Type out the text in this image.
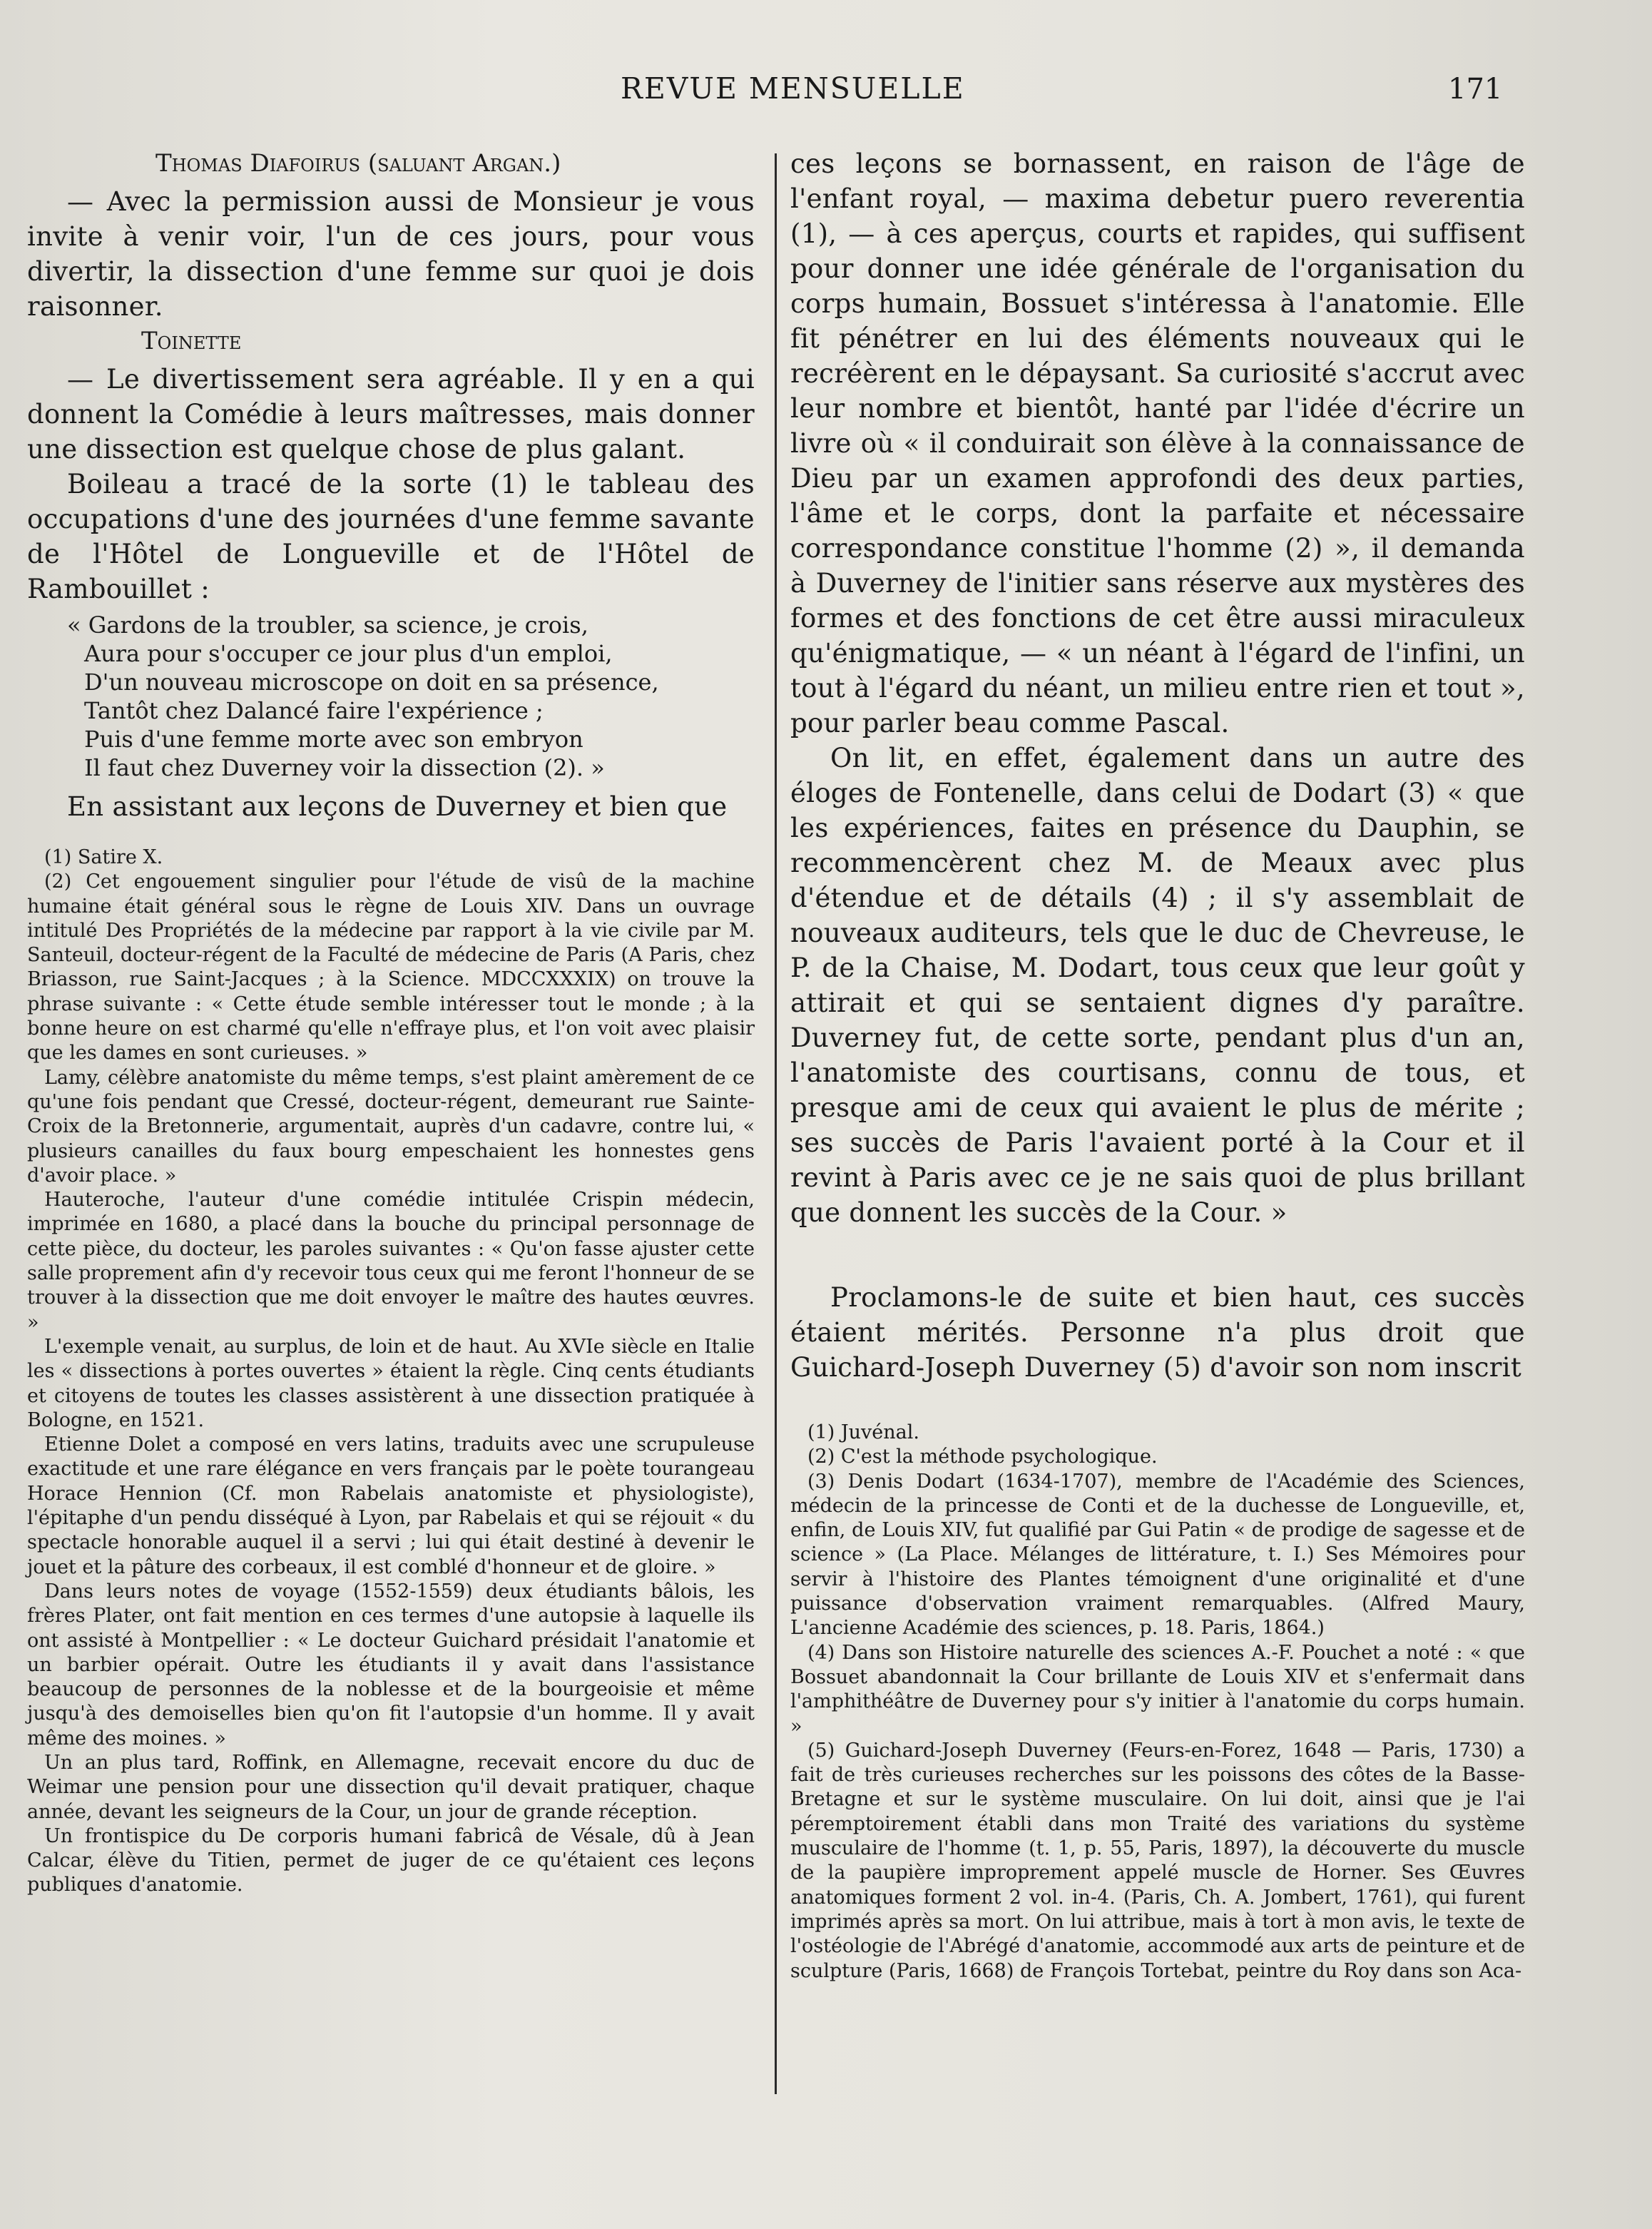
REVUE MENSUELLE	171

Thomas Diafoirus (saluant Argan.)

— Avec la permission aussi de Monsieur je vous invite à venir voir, l'un de ces jours, pour vous divertir, la dissection d'une femme sur quoi je dois raisonner.

Toinette

— Le divertissement sera agréable. Il y en a qui donnent la Comédie à leurs maîtresses, mais donner une dissection est quelque chose de plus galant.

Boileau a tracé de la sorte (1) le tableau des occupations d'une des journées d'une femme savante de l'Hôtel de Longueville et de l'Hôtel de Rambouillet :

« Gardons de la troubler, sa science, je crois,
Aura pour s'occuper ce jour plus d'un emploi,
D'un nouveau microscope on doit en sa présence,
Tantôt chez Dalancé faire l'expérience ;
Puis d'une femme morte avec son embryon
Il faut chez Duverney voir la dissection (2). »

En assistant aux leçons de Duverney et bien que

(1) Satire X.

(2) Cet engouement singulier pour l'étude de visû de la machine humaine était général sous le règne de Louis XIV. Dans un ouvrage intitulé Des Propriétés de la médecine par rapport à la vie civile par M. Santeuil, docteur-régent de la Faculté de médecine de Paris (A Paris, chez Briasson, rue Saint-Jacques ; à la Science. MDCCXXXIX) on trouve la phrase suivante : « Cette étude semble intéresser tout le monde ; à la bonne heure on est charmé qu'elle n'effraye plus, et l'on voit avec plaisir que les dames en sont curieuses. »

Lamy, célèbre anatomiste du même temps, s'est plaint amèrement de ce qu'une fois pendant que Cressé, docteur-régent, demeurant rue Sainte-Croix de la Bretonnerie, argumentait, auprès d'un cadavre, contre lui, « plusieurs canailles du faux bourg empeschaient les honnestes gens d'avoir place. »

Hauteroche, l'auteur d'une comédie intitulée Crispin médecin, imprimée en 1680, a placé dans la bouche du principal personnage de cette pièce, du docteur, les paroles suivantes : « Qu'on fasse ajuster cette salle proprement afin d'y recevoir tous ceux qui me feront l'honneur de se trouver à la dissection que me doit envoyer le maître des hautes œuvres. »

L'exemple venait, au surplus, de loin et de haut. Au XVIe siècle en Italie les « dissections à portes ouvertes » étaient la règle. Cinq cents étudiants et citoyens de toutes les classes assistèrent à une dissection pratiquée à Bologne, en 1521.

Etienne Dolet a composé en vers latins, traduits avec une scrupuleuse exactitude et une rare élégance en vers français par le poète tourangeau Horace Hennion (Cf. mon Rabelais anatomiste et physiologiste), l'épitaphe d'un pendu disséqué à Lyon, par Rabelais et qui se réjouit « du spectacle honorable auquel il a servi ; lui qui était destiné à devenir le jouet et la pâture des corbeaux, il est comblé d'honneur et de gloire. »

Dans leurs notes de voyage (1552-1559) deux étudiants bâlois, les frères Plater, ont fait mention en ces termes d'une autopsie à laquelle ils ont assisté à Montpellier : « Le docteur Guichard présidait l'anatomie et un barbier opérait. Outre les étudiants il y avait dans l'assistance beaucoup de personnes de la noblesse et de la bourgeoisie et même jusqu'à des demoiselles bien qu'on fit l'autopsie d'un homme. Il y avait même des moines. »

Un an plus tard, Roffink, en Allemagne, recevait encore du duc de Weimar une pension pour une dissection qu'il devait pratiquer, chaque année, devant les seigneurs de la Cour, un jour de grande réception.

Un frontispice du De corporis humani fabricâ de Vésale, dû à Jean Calcar, élève du Titien, permet de juger de ce qu'étaient ces leçons publiques d'anatomie.

ces leçons se bornassent, en raison de l'âge de l'enfant royal, — maxima debetur puero reverentia (1), — à ces aperçus, courts et rapides, qui suffisent pour donner une idée générale de l'organisation du corps humain, Bossuet s'intéressa à l'anatomie. Elle fit pénétrer en lui des éléments nouveaux qui le recréèrent en le dépaysant. Sa curiosité s'accrut avec leur nombre et bientôt, hanté par l'idée d'écrire un livre où « il conduirait son élève à la connaissance de Dieu par un examen approfondi des deux parties, l'âme et le corps, dont la parfaite et nécessaire correspondance constitue l'homme (2) », il demanda à Duverney de l'initier sans réserve aux mystères des formes et des fonctions de cet être aussi miraculeux qu'énigmatique, — « un néant à l'égard de l'infini, un tout à l'égard du néant, un milieu entre rien et tout », pour parler beau comme Pascal.

On lit, en effet, également dans un autre des éloges de Fontenelle, dans celui de Dodart (3) « que les expériences, faites en présence du Dauphin, se recommencèrent chez M. de Meaux avec plus d'étendue et de détails (4) ; il s'y assemblait de nouveaux auditeurs, tels que le duc de Chevreuse, le P. de la Chaise, M. Dodart, tous ceux que leur goût y attirait et qui se sentaient dignes d'y paraître. Duverney fut, de cette sorte, pendant plus d'un an, l'anatomiste des courtisans, connu de tous, et presque ami de ceux qui avaient le plus de mérite ; ses succès de Paris l'avaient porté à la Cour et il revint à Paris avec ce je ne sais quoi de plus brillant que donnent les succès de la Cour. »

Proclamons-le de suite et bien haut, ces succès étaient mérités. Personne n'a plus droit que Guichard-Joseph Duverney (5) d'avoir son nom inscrit

(1) Juvénal.

(2) C'est la méthode psychologique.

(3) Denis Dodart (1634-1707), membre de l'Académie des Sciences, médecin de la princesse de Conti et de la duchesse de Longueville, et, enfin, de Louis XIV, fut qualifié par Gui Patin « de prodige de sagesse et de science » (La Place. Mélanges de littérature, t. I.) Ses Mémoires pour servir à l'histoire des Plantes témoignent d'une originalité et d'une puissance d'observation vraiment remarquables. (Alfred Maury, L'ancienne Académie des sciences, p. 18. Paris, 1864.)

(4) Dans son Histoire naturelle des sciences A.-F. Pouchet a noté : « que Bossuet abandonnait la Cour brillante de Louis XIV et s'enfermait dans l'amphithéâtre de Duverney pour s'y initier à l'anatomie du corps humain. »

(5) Guichard-Joseph Duverney (Feurs-en-Forez, 1648 — Paris, 1730) a fait de très curieuses recherches sur les poissons des côtes de la Basse-Bretagne et sur le système musculaire. On lui doit, ainsi que je l'ai péremptoirement établi dans mon Traité des variations du système musculaire de l'homme (t. 1, p. 55, Paris, 1897), la découverte du muscle de la paupière improprement appelé muscle de Horner. Ses Œuvres anatomiques forment 2 vol. in-4. (Paris, Ch. A. Jombert, 1761), qui furent imprimés après sa mort. On lui attribue, mais à tort à mon avis, le texte de l'ostéologie de l'Abrégé d'anatomie, accommodé aux arts de peinture et de sculpture (Paris, 1668) de François Tortebat, peintre du Roy dans son Aca-
